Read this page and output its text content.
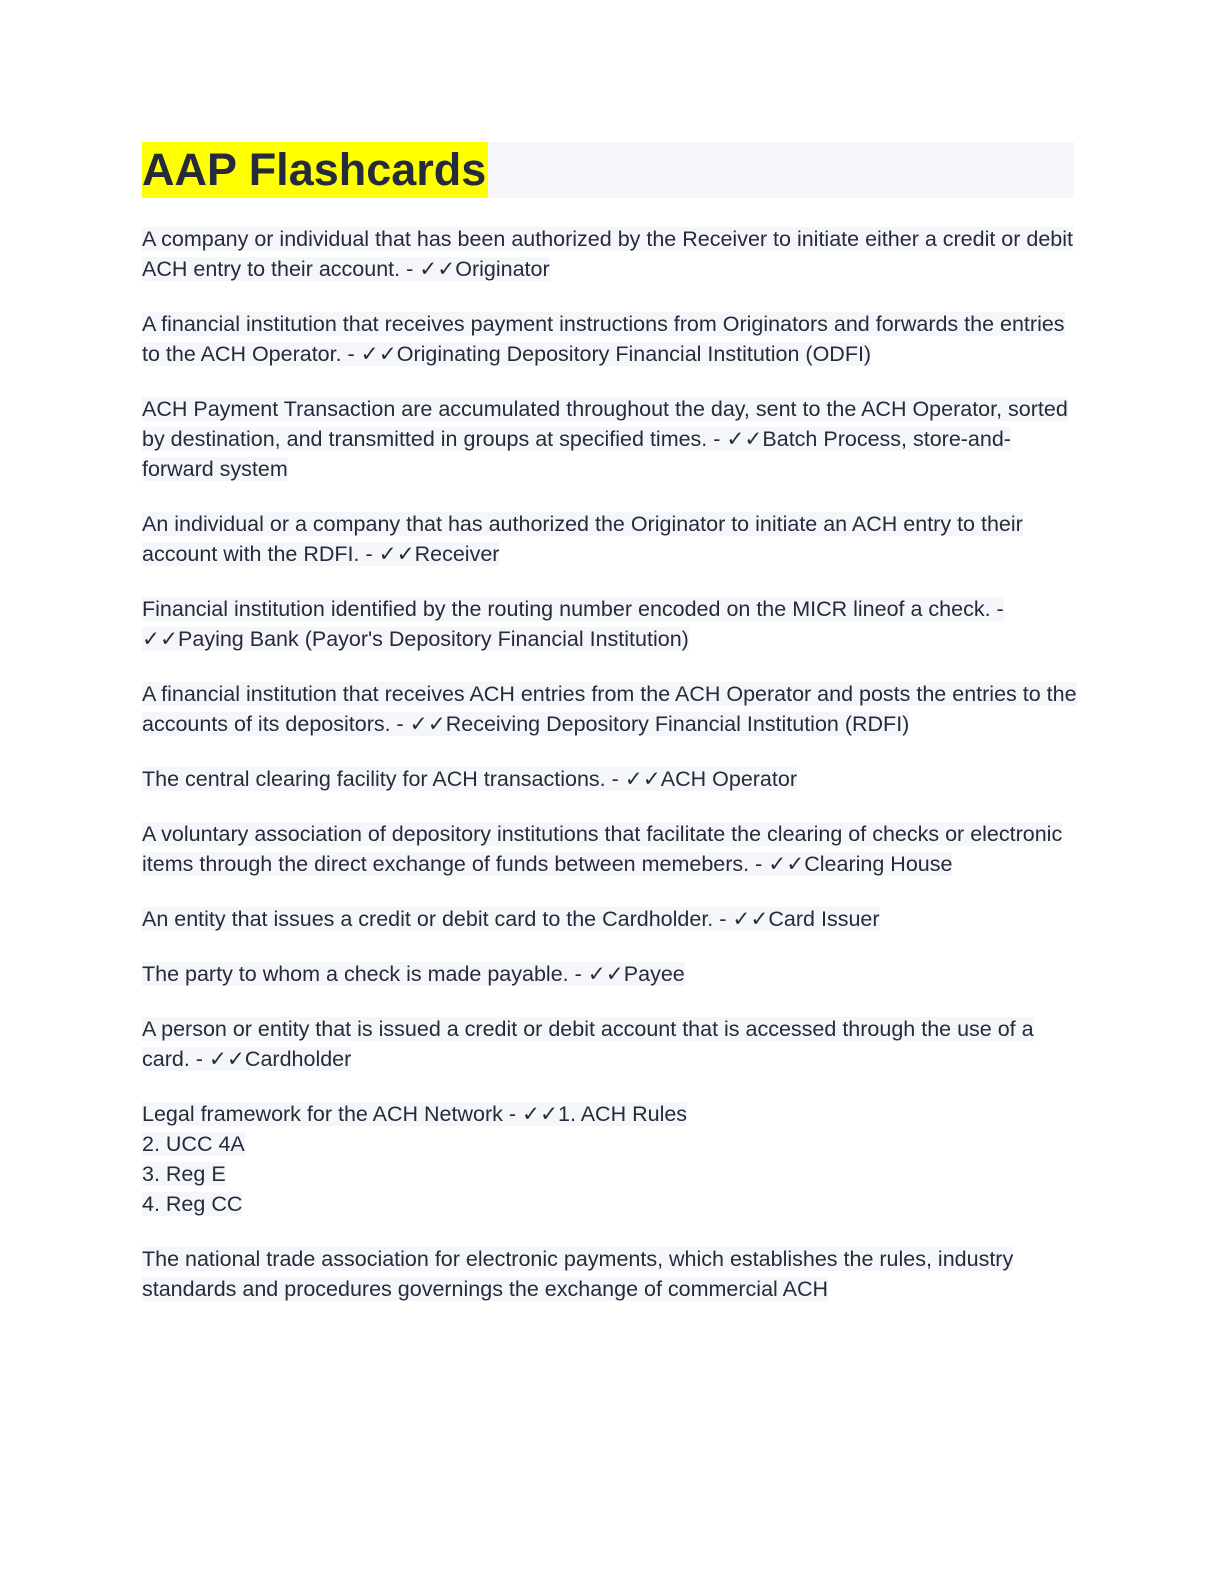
AAP Flashcards

A company or individual that has been authorized by the Receiver to initiate either a credit or debit ACH entry to their account. - ✓✓Originator

A financial institution that receives payment instructions from Originators and forwards the entries to the ACH Operator. - ✓✓Originating Depository Financial Institution (ODFI)

ACH Payment Transaction are accumulated throughout the day, sent to the ACH Operator, sorted by destination, and transmitted in groups at specified times. - ✓✓Batch Process, store-and-forward system

An individual or a company that has authorized the Originator to initiate an ACH entry to their account with the RDFI. - ✓✓Receiver

Financial institution identified by the routing number encoded on the MICR lineof a check. - ✓✓Paying Bank (Payor's Depository Financial Institution)

A financial institution that receives ACH entries from the ACH Operator and posts the entries to the accounts of its depositors. - ✓✓Receiving Depository Financial Institution (RDFI)

The central clearing facility for ACH transactions. - ✓✓ACH Operator

A voluntary association of depository institutions that facilitate the clearing of checks or electronic items through the direct exchange of funds between memebers. - ✓✓Clearing House

An entity that issues a credit or debit card to the Cardholder. - ✓✓Card Issuer

The party to whom a check is made payable. - ✓✓Payee

A person or entity that is issued a credit or debit account that is accessed through the use of a card. - ✓✓Cardholder

Legal framework for the ACH Network - ✓✓1. ACH Rules
2. UCC 4A
3. Reg E
4. Reg CC

The national trade association for electronic payments, which establishes the rules, industry standards and procedures governings the exchange of commercial ACH
